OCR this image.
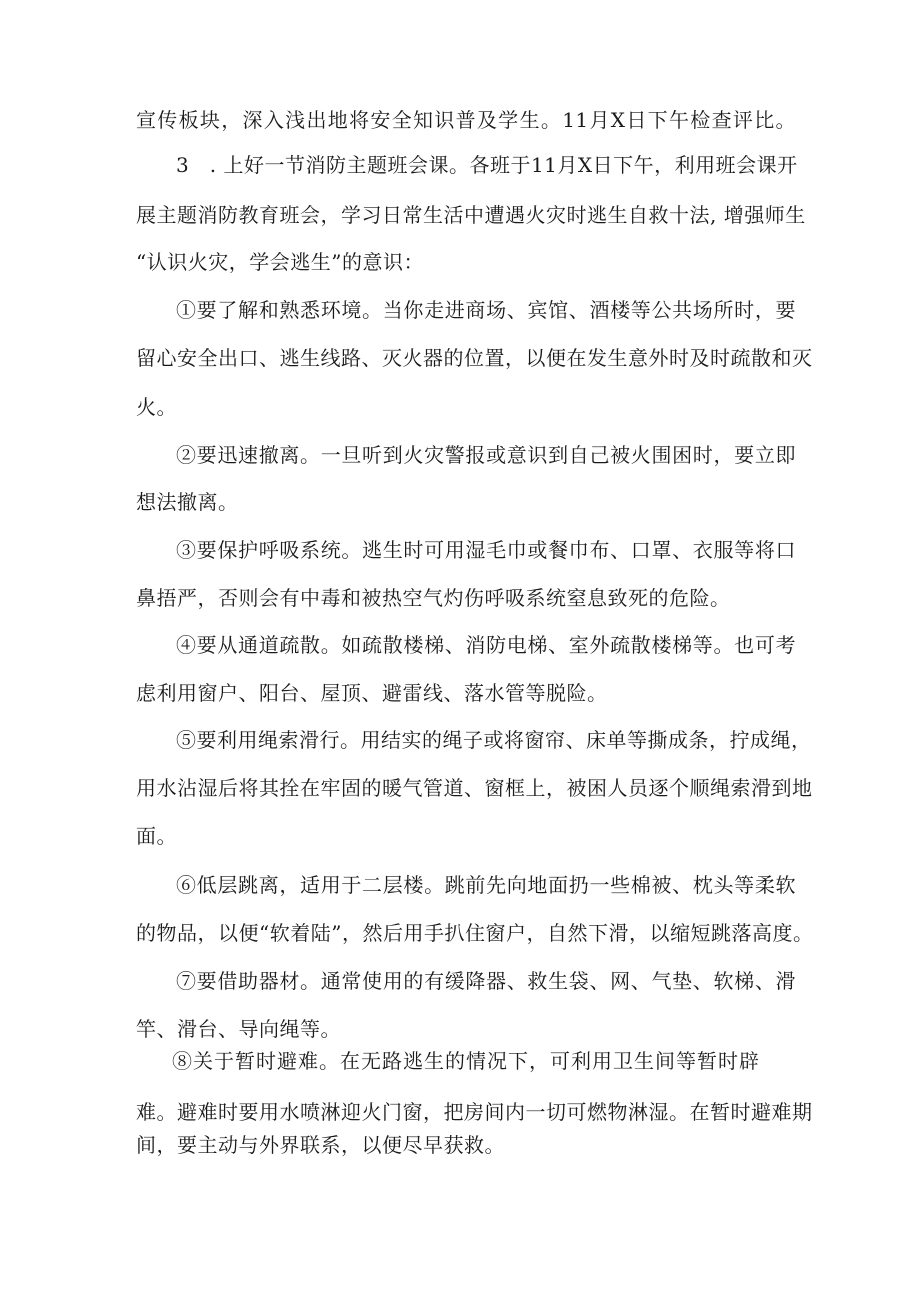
宣传板块，深入浅出地将安全知识普及学生。11月X日下午检查评比。
3　. 上好一节消防主题班会课。各班于11月X日下午，利用班会课开
展主题消防教育班会，学习日常生活中遭遇火灾时逃生自救十法, 增强师生
“认识火灾，学会逃生”的意识：
①要了解和熟悉环境。当你走进商场、宾馆、酒楼等公共场所时，要
留心安全出口、逃生线路、灭火器的位置，以便在发生意外时及时疏散和灭
火。
②要迅速撤离。一旦听到火灾警报或意识到自己被火围困时，要立即
想法撤离。
③要保护呼吸系统。逃生时可用湿毛巾或餐巾布、口罩、衣服等将口
鼻捂严，否则会有中毒和被热空气灼伤呼吸系统窒息致死的危险。
④要从通道疏散。如疏散楼梯、消防电梯、室外疏散楼梯等。也可考
虑利用窗户、阳台、屋顶、避雷线、落水管等脱险。
⑤要利用绳索滑行。用结实的绳子或将窗帘、床单等撕成条，拧成绳，
用水沾湿后将其拴在牢固的暖气管道、窗框上，被困人员逐个顺绳索滑到地
面。
⑥低层跳离，适用于二层楼。跳前先向地面扔一些棉被、枕头等柔软
的物品，以便“软着陆”，然后用手扒住窗户，自然下滑，以缩短跳落高度。
⑦要借助器材。通常使用的有缓降器、救生袋、网、气垫、软梯、滑
竿、滑台、导向绳等。
⑧关于暂时避难。在无路逃生的情况下，可利用卫生间等暂时辟
难。避难时要用水喷淋迎火门窗，把房间内一切可燃物淋湿。在暂时避难期
间，要主动与外界联系，以便尽早获救。
